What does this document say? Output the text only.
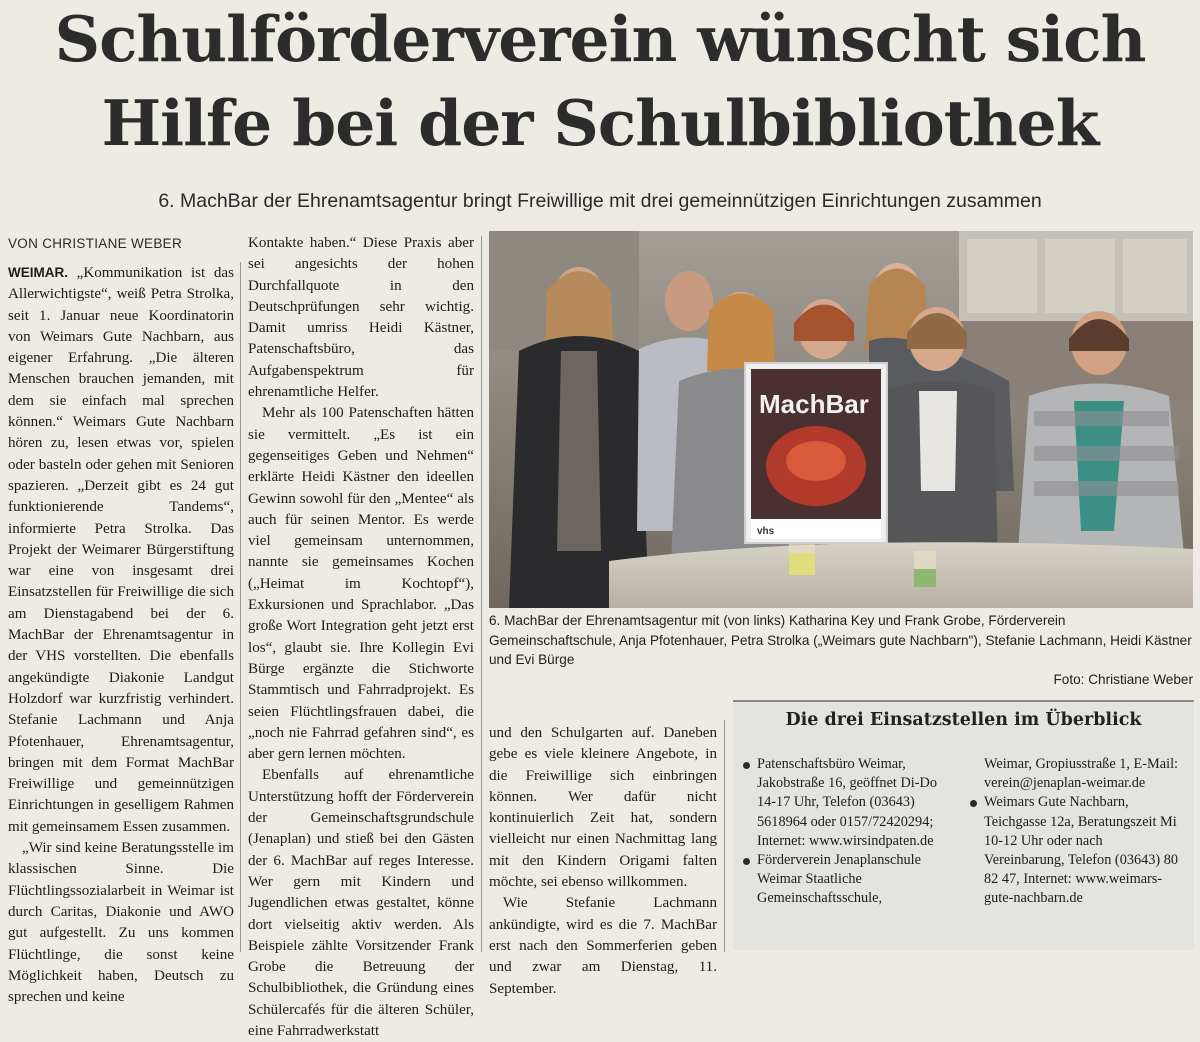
Schulförderverein wünscht sich
Hilfe bei der Schulbibliothek
6. MachBar der Ehrenamtsagentur bringt Freiwillige mit drei gemeinnützigen Einrichtungen zusammen
VON CHRISTIANE WEBER

WEIMAR. „Kommunikation ist das Allerwichtigste“, weiß Petra Strolka, seit 1. Januar neue Koordinatorin von Weimars Gute Nachbarn, aus eigener Erfahrung. „Die älteren Menschen brauchen jemanden, mit dem sie einfach mal sprechen können.“ Weimars Gute Nachbarn hören zu, lesen etwas vor, spielen oder basteln oder gehen mit Senioren spazieren. „Derzeit gibt es 24 gut funktionierende Tandems“, informierte Petra Strolka. Das Projekt der Weimarer Bürgerstiftung war eine von insgesamt drei Einsatzstellen für Freiwillige die sich am Dienstagabend bei der 6. MachBar der Ehrenamtsagentur in der VHS vorstellten. Die ebenfalls angekündigte Diakonie Landgut Holzdorf war kurzfristig verhindert. Stefanie Lachmann und Anja Pfotenhauer, Ehrenamtsagentur, bringen mit dem Format MachBar Freiwillige und gemeinnützigen Einrichtungen in geselligem Rahmen mit gemeinsamem Essen zusammen.

„Wir sind keine Beratungsstelle im klassischen Sinne. Die Flüchtlingssozialarbeit in Weimar ist durch Caritas, Diakonie und AWO gut aufgestellt. Zu uns kommen Flüchtlinge, die sonst keine Möglichkeit haben, Deutsch zu sprechen und keine

Kontakte haben.“ Diese Praxis aber sei angesichts der hohen Durchfallquote in den Deutschprüfungen sehr wichtig. Damit umriss Heidi Kästner, Patenschaftsbüro, das Aufgabenspektrum für ehrenamtliche Helfer.

Mehr als 100 Patenschaften hätten sie vermittelt. „Es ist ein gegenseitiges Geben und Nehmen“ erklärte Heidi Kästner den ideellen Gewinn sowohl für den „Mentee“ als auch für seinen Mentor. Es werde viel gemeinsam unternommen, nannte sie gemeinsames Kochen („Heimat im Kochtopf“), Exkursionen und Sprachlabor. „Das große Wort Integration geht jetzt erst los“, glaubt sie. Ihre Kollegin Evi Bürge ergänzte die Stichworte Stammtisch und Fahrradprojekt. Es seien Flüchtlingsfrauen dabei, die „noch nie Fahrrad gefahren sind“, es aber gern lernen möchten.

Ebenfalls auf ehrenamtliche Unterstützung hofft der Förderverein der Gemeinschaftsgrundschule (Jenaplan) und stieß bei den Gästen der 6. MachBar auf reges Interesse. Wer gern mit Kindern und Jugendlichen etwas gestaltet, könne dort vielseitig aktiv werden. Als Beispiele zählte Vorsitzender Frank Grobe die Betreuung der Schulbibliothek, die Gründung eines Schülercafés für die älteren Schüler, eine Fahrradwerkstatt

MachBar
vhs
6. MachBar der Ehrenamtsagentur mit (von links) Katharina Key und Frank Grobe, Förderverein Gemeinschaftschule, Anja Pfotenhauer, Petra Strolka („Weimars gute Nachbarn"), Stefanie Lachmann, Heidi Kästner und Evi Bürge
Foto: Christiane Weber

und den Schulgarten auf. Daneben gebe es viele kleinere Angebote, in die Freiwillige sich einbringen können. Wer dafür nicht kontinuierlich Zeit hat, sondern vielleicht nur einen Nachmittag lang mit den Kindern Origami falten möchte, sei ebenso willkommen.

Wie Stefanie Lachmann ankündigte, wird es die 7. MachBar erst nach den Sommerferien geben und zwar am Dienstag, 11. September.

Die drei Einsatzstellen im Überblick
Patenschaftsbüro Weimar, Jakobstraße 16, geöffnet Di-Do 14-17 Uhr, Telefon (03643) 5618964 oder 0157/72420294; Internet: www.wirsindpaten.de
Förderverein Jenaplanschule Weimar Staatliche Gemeinschaftsschule,
Weimar, Gropiusstraße 1, E-Mail: verein@jenaplan-weimar.de
Weimars Gute Nachbarn, Teichgasse 12a, Beratungszeit Mi 10-12 Uhr oder nach Vereinbarung, Telefon (03643) 80 82 47, Internet: www.weimars-gute-nachbarn.de
